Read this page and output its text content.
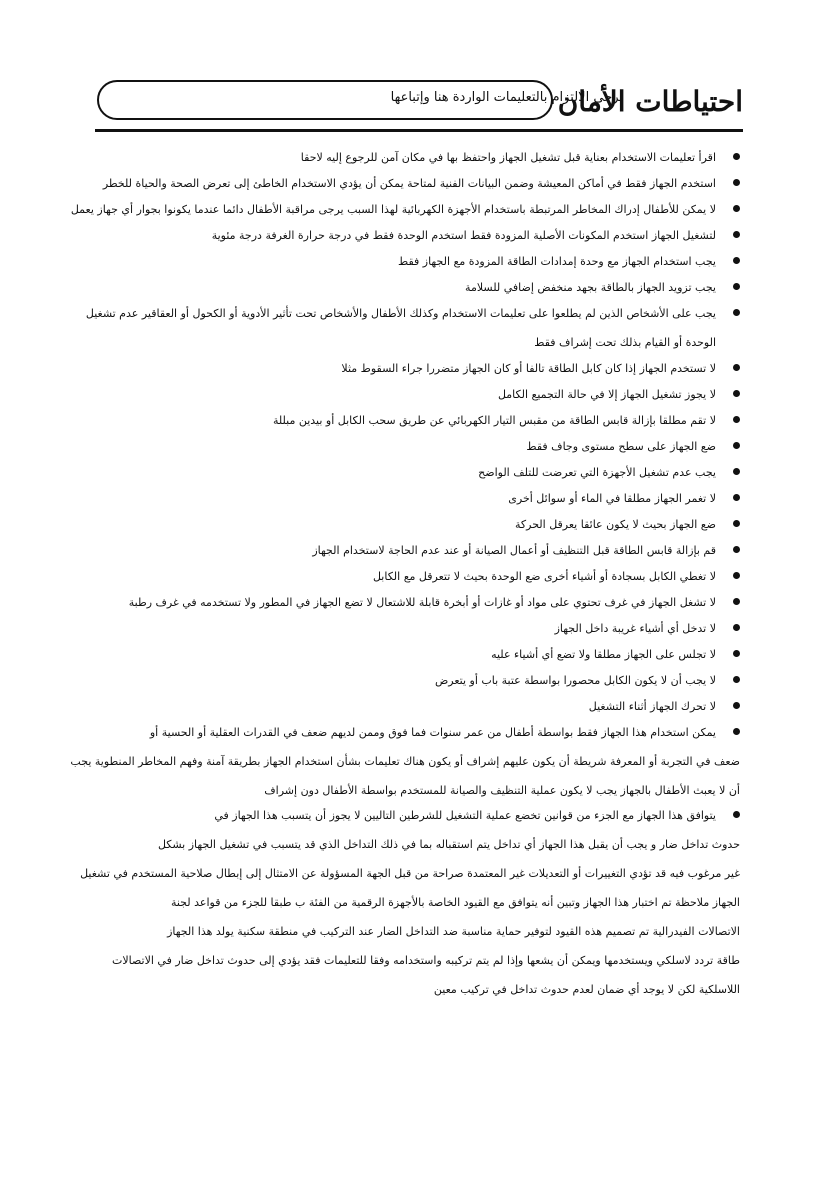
يرجى الالتزام بالتعليمات الواردة هنا وإتباعها
احتياطات الأمان
اقرأ تعليمات الاستخدام بعناية قبل تشغيل الجهاز واحتفظ بها في مكان آمن للرجوع إليه لاحقا
استخدم الجهاز فقط في أماكن المعيشة وضمن البيانات الفنية لمتاحة يمكن أن يؤدي الاستخدام الخاطئ إلى تعرض الصحة والحياة للخطر
لا يمكن للأطفال إدراك المخاطر المرتبطة باستخدام الأجهزة الكهربائية لهذا السبب يرجى مراقبة الأطفال دائما عندما يكونوا بجوار أي جهاز يعمل
لتشغيل الجهاز استخدم المكونات الأصلية المزودة فقط استخدم الوحدة فقط في درجة حرارة الغرفة درجة مئوية
يجب استخدام الجهاز مع وحدة إمدادات الطاقة المزودة مع الجهاز فقط
يجب تزويد الجهاز بالطاقة بجهد منخفض إضافي للسلامة
يجب على الأشخاص الذين لم يطلعوا على تعليمات الاستخدام وكذلك الأطفال والأشخاص تحت تأثير الأدوية أو الكحول أو العقاقير عدم تشغيل
الوحدة أو القيام بذلك تحت إشراف فقط
لا تستخدم الجهاز إذا كان كابل الطاقة تالفا أو كان الجهاز متضررا جراء السقوط مثلا
لا يجوز تشغيل الجهاز إلا في حالة التجميع الكامل
لا تقم مطلقا بإزالة قابس الطاقة من مقبس التيار الكهربائي عن طريق سحب الكابل أو بيدين مبللة
ضع الجهاز على سطح مستوى وجاف فقط
يجب عدم تشغيل الأجهزة التي تعرضت للتلف الواضح
لا تغمر الجهاز مطلقا في الماء أو سوائل أخرى
ضع الجهاز بحيث لا يكون عائقا يعرقل الحركة
قم بإزالة قابس الطاقة قبل التنظيف أو أعمال الصيانة أو عند عدم الحاجة لاستخدام الجهاز
لا تغطي الكابل بسجادة أو أشياء أخرى ضع الوحدة بحيث لا تتعرقل مع الكابل
لا تشغل الجهاز في غرف تحتوي على مواد أو غازات أو أبخرة قابلة للاشتعال لا تضع الجهاز في المطور ولا تستخدمه في غرف رطبة
لا تدخل أي أشياء غريبة داخل الجهاز
لا تجلس على الجهاز مطلقا ولا تضع أي أشياء عليه
لا يجب أن لا يكون الكابل محصورا بواسطة عتبة باب أو يتعرض
لا تحرك الجهاز أثناء التشغيل
يمكن استخدام هذا الجهاز فقط بواسطة أطفال من عمر سنوات فما فوق وممن لديهم ضعف في القدرات العقلية أو الحسية أو
ضعف في التجربة أو المعرفة شريطة أن يكون عليهم إشراف أو يكون هناك تعليمات بشأن استخدام الجهاز بطريقة آمنة وفهم المخاطر المنطوية يجب
أن لا يعبث الأطفال بالجهاز يجب لا يكون عملية التنظيف والصيانة للمستخدم بواسطة الأطفال دون إشراف
يتوافق هذا الجهاز مع الجزء من قوانين تخضع عملية التشغيل للشرطين التاليين لا يجوز أن يتسبب هذا الجهاز في
حدوث تداخل ضار و يجب أن يقبل هذا الجهاز أي تداخل يتم استقباله بما في ذلك التداخل الذي قد يتسبب في تشغيل الجهاز بشكل
غير مرغوب فيه قد تؤدي التغييرات أو التعديلات غير المعتمدة صراحة من قبل الجهة المسؤولة عن الامتثال إلى إبطال صلاحية المستخدم في تشغيل
الجهاز ملاحظة تم اختبار هذا الجهاز وتبين أنه يتوافق مع القيود الخاصة بالأجهزة الرقمية من الفئة ب طبقا للجزء من قواعد لجنة
الاتصالات الفيدرالية تم تصميم هذه القيود لتوفير حماية مناسبة ضد التداخل الضار عند التركيب في منطقة سكنية يولد هذا الجهاز
طاقة تردد لاسلكي ويستخدمها ويمكن أن يشعها وإذا لم يتم تركيبه واستخدامه وفقا للتعليمات فقد يؤدي إلى حدوث تداخل ضار في الاتصالات
اللاسلكية لكن لا يوجد أي ضمان لعدم حدوث تداخل في تركيب معين
